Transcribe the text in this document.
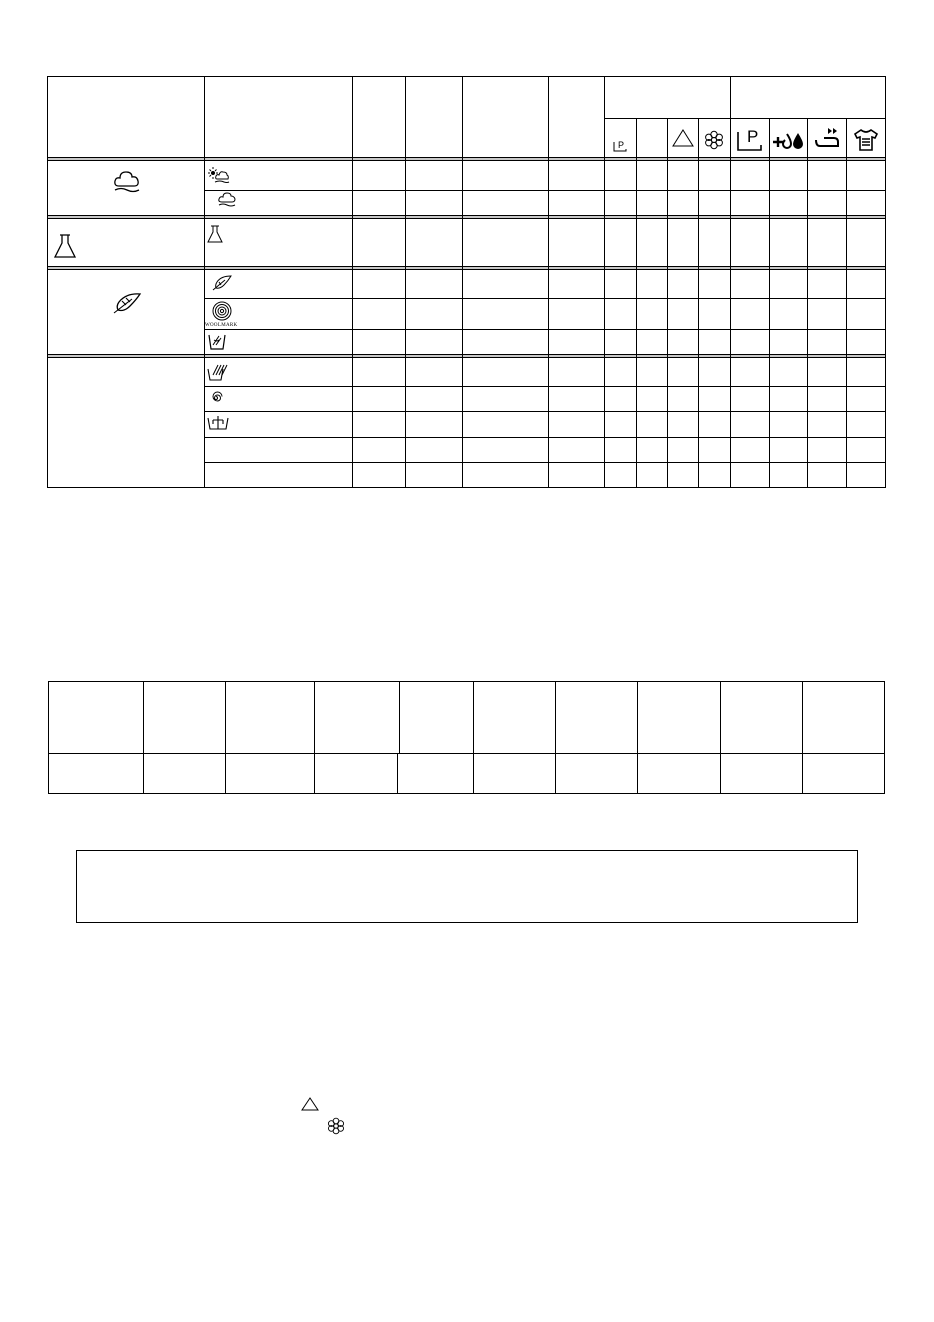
P	P
WOOLMARK
